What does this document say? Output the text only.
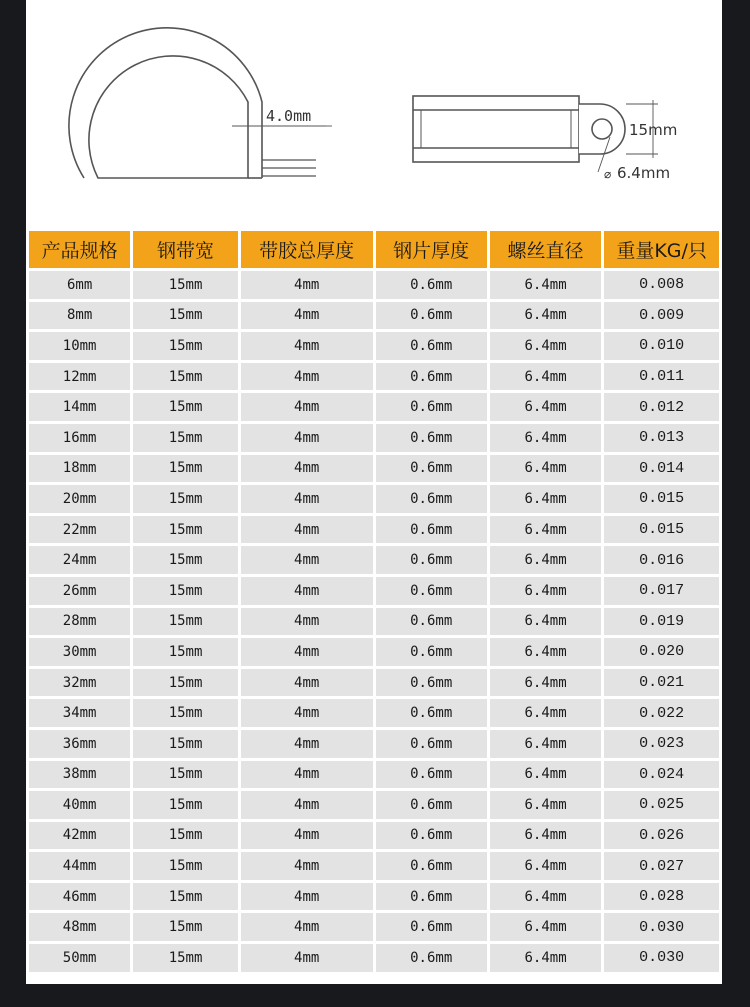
4.0mm
15mm
⌀ 6.4mm
产品规格	钢带宽	带胶总厚度	钢片厚度	螺丝直径	重量KG/只
6mm	15mm	4mm	0.6mm	6.4mm	0.008
8mm	15mm	4mm	0.6mm	6.4mm	0.009
10mm	15mm	4mm	0.6mm	6.4mm	0.010
12mm	15mm	4mm	0.6mm	6.4mm	0.011
14mm	15mm	4mm	0.6mm	6.4mm	0.012
16mm	15mm	4mm	0.6mm	6.4mm	0.013
18mm	15mm	4mm	0.6mm	6.4mm	0.014
20mm	15mm	4mm	0.6mm	6.4mm	0.015
22mm	15mm	4mm	0.6mm	6.4mm	0.015
24mm	15mm	4mm	0.6mm	6.4mm	0.016
26mm	15mm	4mm	0.6mm	6.4mm	0.017
28mm	15mm	4mm	0.6mm	6.4mm	0.019
30mm	15mm	4mm	0.6mm	6.4mm	0.020
32mm	15mm	4mm	0.6mm	6.4mm	0.021
34mm	15mm	4mm	0.6mm	6.4mm	0.022
36mm	15mm	4mm	0.6mm	6.4mm	0.023
38mm	15mm	4mm	0.6mm	6.4mm	0.024
40mm	15mm	4mm	0.6mm	6.4mm	0.025
42mm	15mm	4mm	0.6mm	6.4mm	0.026
44mm	15mm	4mm	0.6mm	6.4mm	0.027
46mm	15mm	4mm	0.6mm	6.4mm	0.028
48mm	15mm	4mm	0.6mm	6.4mm	0.030
50mm	15mm	4mm	0.6mm	6.4mm	0.030
